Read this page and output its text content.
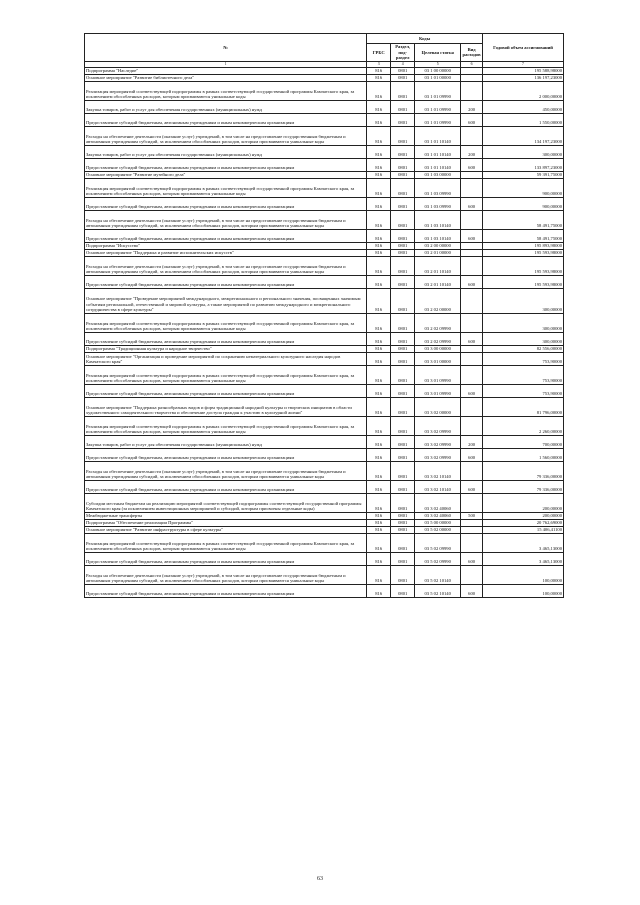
№	Коды				Годовой объем ассигнований
	ГРБС	Раздел, под- раздел	Целевая статья	Вид расходов	
1	3	4	5	6	7
Подпрограмма "Наследие"	816	0801	03 1 00 00000		195 588,98000
Основное мероприятие "Развитие библиотечного дела"	816	0801	03 1 01 00000		136 197,23000
Реализация мероприятий соответствующей подпрограммы в рамках соответствующей государственной программы Камчатского края, за исключением обособленных расходов, которым присваиваются уникальные коды	816	0801	03 1 01 09990		2 000,00000
Закупка товаров, работ и услуг для обеспечения государственных (муниципальных) нужд	816	0801	03 1 01 09990	200	450,00000
Предоставление субсидий бюджетным, автономным учреждениям и иным некоммерческим организациям	816	0801	03 1 01 09990	600	1 550,00000
Расходы на обеспечение деятельности (оказание услуг) учреждений, в том числе на предоставление государственным бюджетным и автономным учреждениям субсидий, за исключением обособленных расходов, которым присваиваются уникальные коды	816	0801	03 1 01 10140		134 197,23000
Закупка товаров, работ и услуг для обеспечения государственных (муниципальных) нужд	816	0801	03 1 01 10140	200	300,00000
Предоставление субсидий бюджетным, автономным учреждениям и иным некоммерческим организациям	816	0801	03 1 01 10140	600	133 897,23000
Основное мероприятие "Развитие музейного дела"	816	0801	03 1 03 00000		59 391,75000
Реализация мероприятий соответствующей подпрограммы в рамках соответствующей государственной программы Камчатского края, за исключением обособленных расходов, которым присваиваются уникальные коды	816	0801	03 1 03 09990		900,00000
Предоставление субсидий бюджетным, автономным учреждениям и иным некоммерческим организациям	816	0801	03 1 03 09990	600	900,00000
Расходы на обеспечение деятельности (оказание услуг) учреждений, в том числе на предоставление государственным бюджетным и автономным учреждениям субсидий, за исключением обособленных расходов, которым присваиваются уникальные коды	816	0801	03 1 03 10140		58 491,75000
Предоставление субсидий бюджетным, автономным учреждениям и иным некоммерческим организациям	816	0801	03 1 03 10140	600	58 491,75000
Подпрограмма "Искусство"	816	0801	03 2 00 00000		195 893,98000
Основное мероприятие "Поддержка и развитие исполнительских искусств"	816	0801	03 2 01 00000		195 593,98000
Расходы на обеспечение деятельности (оказание услуг) учреждений, в том числе на предоставление государственным бюджетным и автономным учреждениям субсидий, за исключением обособленных расходов, которым присваиваются уникальные коды	816	0801	03 2 01 10140		195 593,98000
Предоставление субсидий бюджетным, автономным учреждениям и иным некоммерческим организациям	816	0801	03 2 01 10140	600	195 593,98000
Основное мероприятие "Проведение мероприятий международного, межрегионального и регионального значения, посвященных значимым событиям региональной, отечественной и мировой культуры, а также мероприятий по развитию международного и межрегионального сотрудничества в сфере культуры"	816	0801	03 2 02 00000		300,00000
Реализация мероприятий соответствующей подпрограммы в рамках соответствующей государственной программы Камчатского края, за исключением обособленных расходов, которым присваиваются уникальные коды	816	0801	03 2 02 09990		300,00000
Предоставление субсидий бюджетным, автономным учреждениям и иным некоммерческим организациям	816	0801	03 2 02 09990	600	300,00000
Подпрограмма "Традиционная культура и народное творчество"	816	0801	03 3 00 00000		82 556,00000
Основное мероприятие "Организация и проведение мероприятий по сохранению нематериального культурного наследия народов Камчатского края"	816	0801	03 3 01 00000		753,90000
Реализация мероприятий соответствующей подпрограммы в рамках соответствующей государственной программы Камчатского края, за исключением обособленных расходов, которым присваиваются уникальные коды	816	0801	03 3 01 09990		753,90000
Предоставление субсидий бюджетным, автономным учреждениям и иным некоммерческим организациям	816	0801	03 3 01 09990	600	753,90000
Основное мероприятие "Поддержка разнообразных видов и форм традиционной народной культуры и творческих инициатив в области художественного самодеятельного творчества и обеспечение доступа граждан к участию в культурной жизни"	816	0801	03 3 02 00000		81 796,00000
Реализация мероприятий соответствующей подпрограммы в рамках соответствующей государственной программы Камчатского края, за исключением обособленных расходов, которым присваиваются уникальные коды	816	0801	03 3 02 09990		2 260,00000
Закупка товаров, работ и услуг для обеспечения государственных (муниципальных) нужд	816	0801	03 3 02 09990	200	700,00000
Предоставление субсидий бюджетным, автономным учреждениям и иным некоммерческим организациям	816	0801	03 3 02 09990	600	1 560,00000
Расходы на обеспечение деятельности (оказание услуг) учреждений, в том числе на предоставление государственным бюджетным и автономным учреждениям субсидий, за исключением обособленных расходов, которым присваиваются уникальные коды	816	0801	03 3 02 10140		79 336,00000
Предоставление субсидий бюджетным, автономным учреждениям и иным некоммерческим организациям	816	0801	03 3 02 10140	600	79 336,00000
Субсидии местным бюджетам на реализацию мероприятий соответствующей подпрограммы соответствующей государственной программы Камчатского края (за исключением инвестиционных мероприятий и субсидий, которым присвоены отдельные коды)	816	0801	03 3 02 40060		200,00000
Межбюджетные трансферты	816	0801	03 3 02 40060	500	200,00000
Подпрограмма "Обеспечение реализации Программы"	816	0801	03 5 00 00000		20 762,69000
Основное мероприятие "Развитие инфраструктуры в сфере культуры"	816	0801	03 5 02 00000		15 406,41100
Реализация мероприятий соответствующей подпрограммы в рамках соответствующей государственной программы Камчатского края, за исключением обособленных расходов, которым присваиваются уникальные коды	816	0801	03 5 02 09990		3 465,13000
Предоставление субсидий бюджетным, автономным учреждениям и иным некоммерческим организациям	816	0801	03 5 02 09990	600	3 465,13000
Расходы на обеспечение деятельности (оказание услуг) учреждений, в том числе на предоставление государственным бюджетным и автономным учреждениям субсидий, за исключением обособленных расходов, которым присваиваются уникальные коды	816	0801	03 5 02 10140		100,00000
Предоставление субсидий бюджетным, автономным учреждениям и иным некоммерческим организациям	816	0801	03 5 02 10140	600	100,00000
63
